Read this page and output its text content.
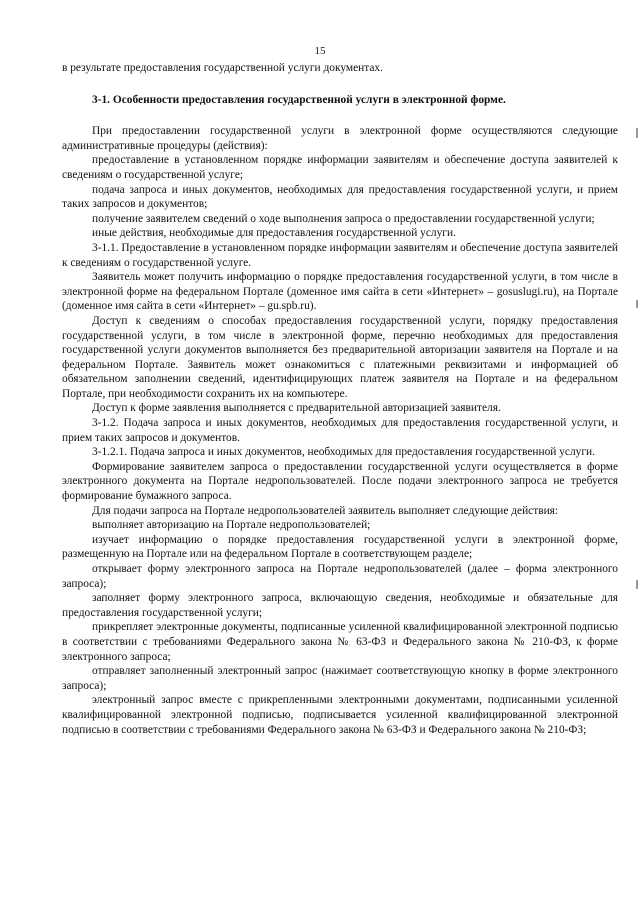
15

в результате предоставления государственной услуги документах.

3-1. Особенности предоставления государственной услуги в электронной форме.

При предоставлении государственной услуги в электронной форме осуществляются следующие административные процедуры (действия):

предоставление в установленном порядке информации заявителям и обеспечение доступа заявителей к сведениям о государственной услуге;

подача запроса и иных документов, необходимых для предоставления государственной услуги, и прием таких запросов и документов;

получение заявителем сведений о ходе выполнения запроса о предоставлении государственной услуги;

иные действия, необходимые для предоставления государственной услуги.

3-1.1. Предоставление в установленном порядке информации заявителям и обеспечение доступа заявителей к сведениям о государственной услуге.

Заявитель может получить информацию о порядке предоставления государственной услуги, в том числе в электронной форме на федеральном Портале (доменное имя сайта в сети «Интернет» – gosuslugi.ru), на Портале (доменное имя сайта в сети «Интернет» – gu.spb.ru).

Доступ к сведениям о способах предоставления государственной услуги, порядку предоставления государственной услуги, в том числе в электронной форме, перечню необходимых для предоставления государственной услуги документов выполняется без предварительной авторизации заявителя на Портале и на федеральном Портале. Заявитель может ознакомиться с платежными реквизитами и информацией об обязательном заполнении сведений, идентифицирующих платеж заявителя на Портале и на федеральном Портале, при необходимости сохранить их на компьютере.

Доступ к форме заявления выполняется с предварительной авторизацией заявителя.

3-1.2. Подача запроса и иных документов, необходимых для предоставления государственной услуги, и прием таких запросов и документов.

3-1.2.1. Подача запроса и иных документов, необходимых для предоставления государственной услуги.

Формирование заявителем запроса о предоставлении государственной услуги осуществляется в форме электронного документа на Портале недропользователей. После подачи электронного запроса не требуется формирование бумажного запроса.

Для подачи запроса на Портале недропользователей заявитель выполняет следующие действия:

выполняет авторизацию на Портале недропользователей;

изучает информацию о порядке предоставления государственной услуги в электронной форме, размещенную на Портале или на федеральном Портале в соответствующем разделе;

открывает форму электронного запроса на Портале недропользователей (далее – форма электронного запроса);

заполняет форму электронного запроса, включающую сведения, необходимые и обязательные для предоставления государственной услуги;

прикрепляет электронные документы, подписанные усиленной квалифицированной электронной подписью в соответствии с требованиями Федерального закона № 63-ФЗ и Федерального закона № 210-ФЗ, к форме электронного запроса;

отправляет заполненный электронный запрос (нажимает соответствующую кнопку в форме электронного запроса);

электронный запрос вместе с прикрепленными электронными документами, подписанными усиленной квалифицированной электронной подписью, подписывается усиленной квалифицированной электронной подписью в соответствии с требованиями Федерального закона № 63-ФЗ и Федерального закона № 210-ФЗ;
